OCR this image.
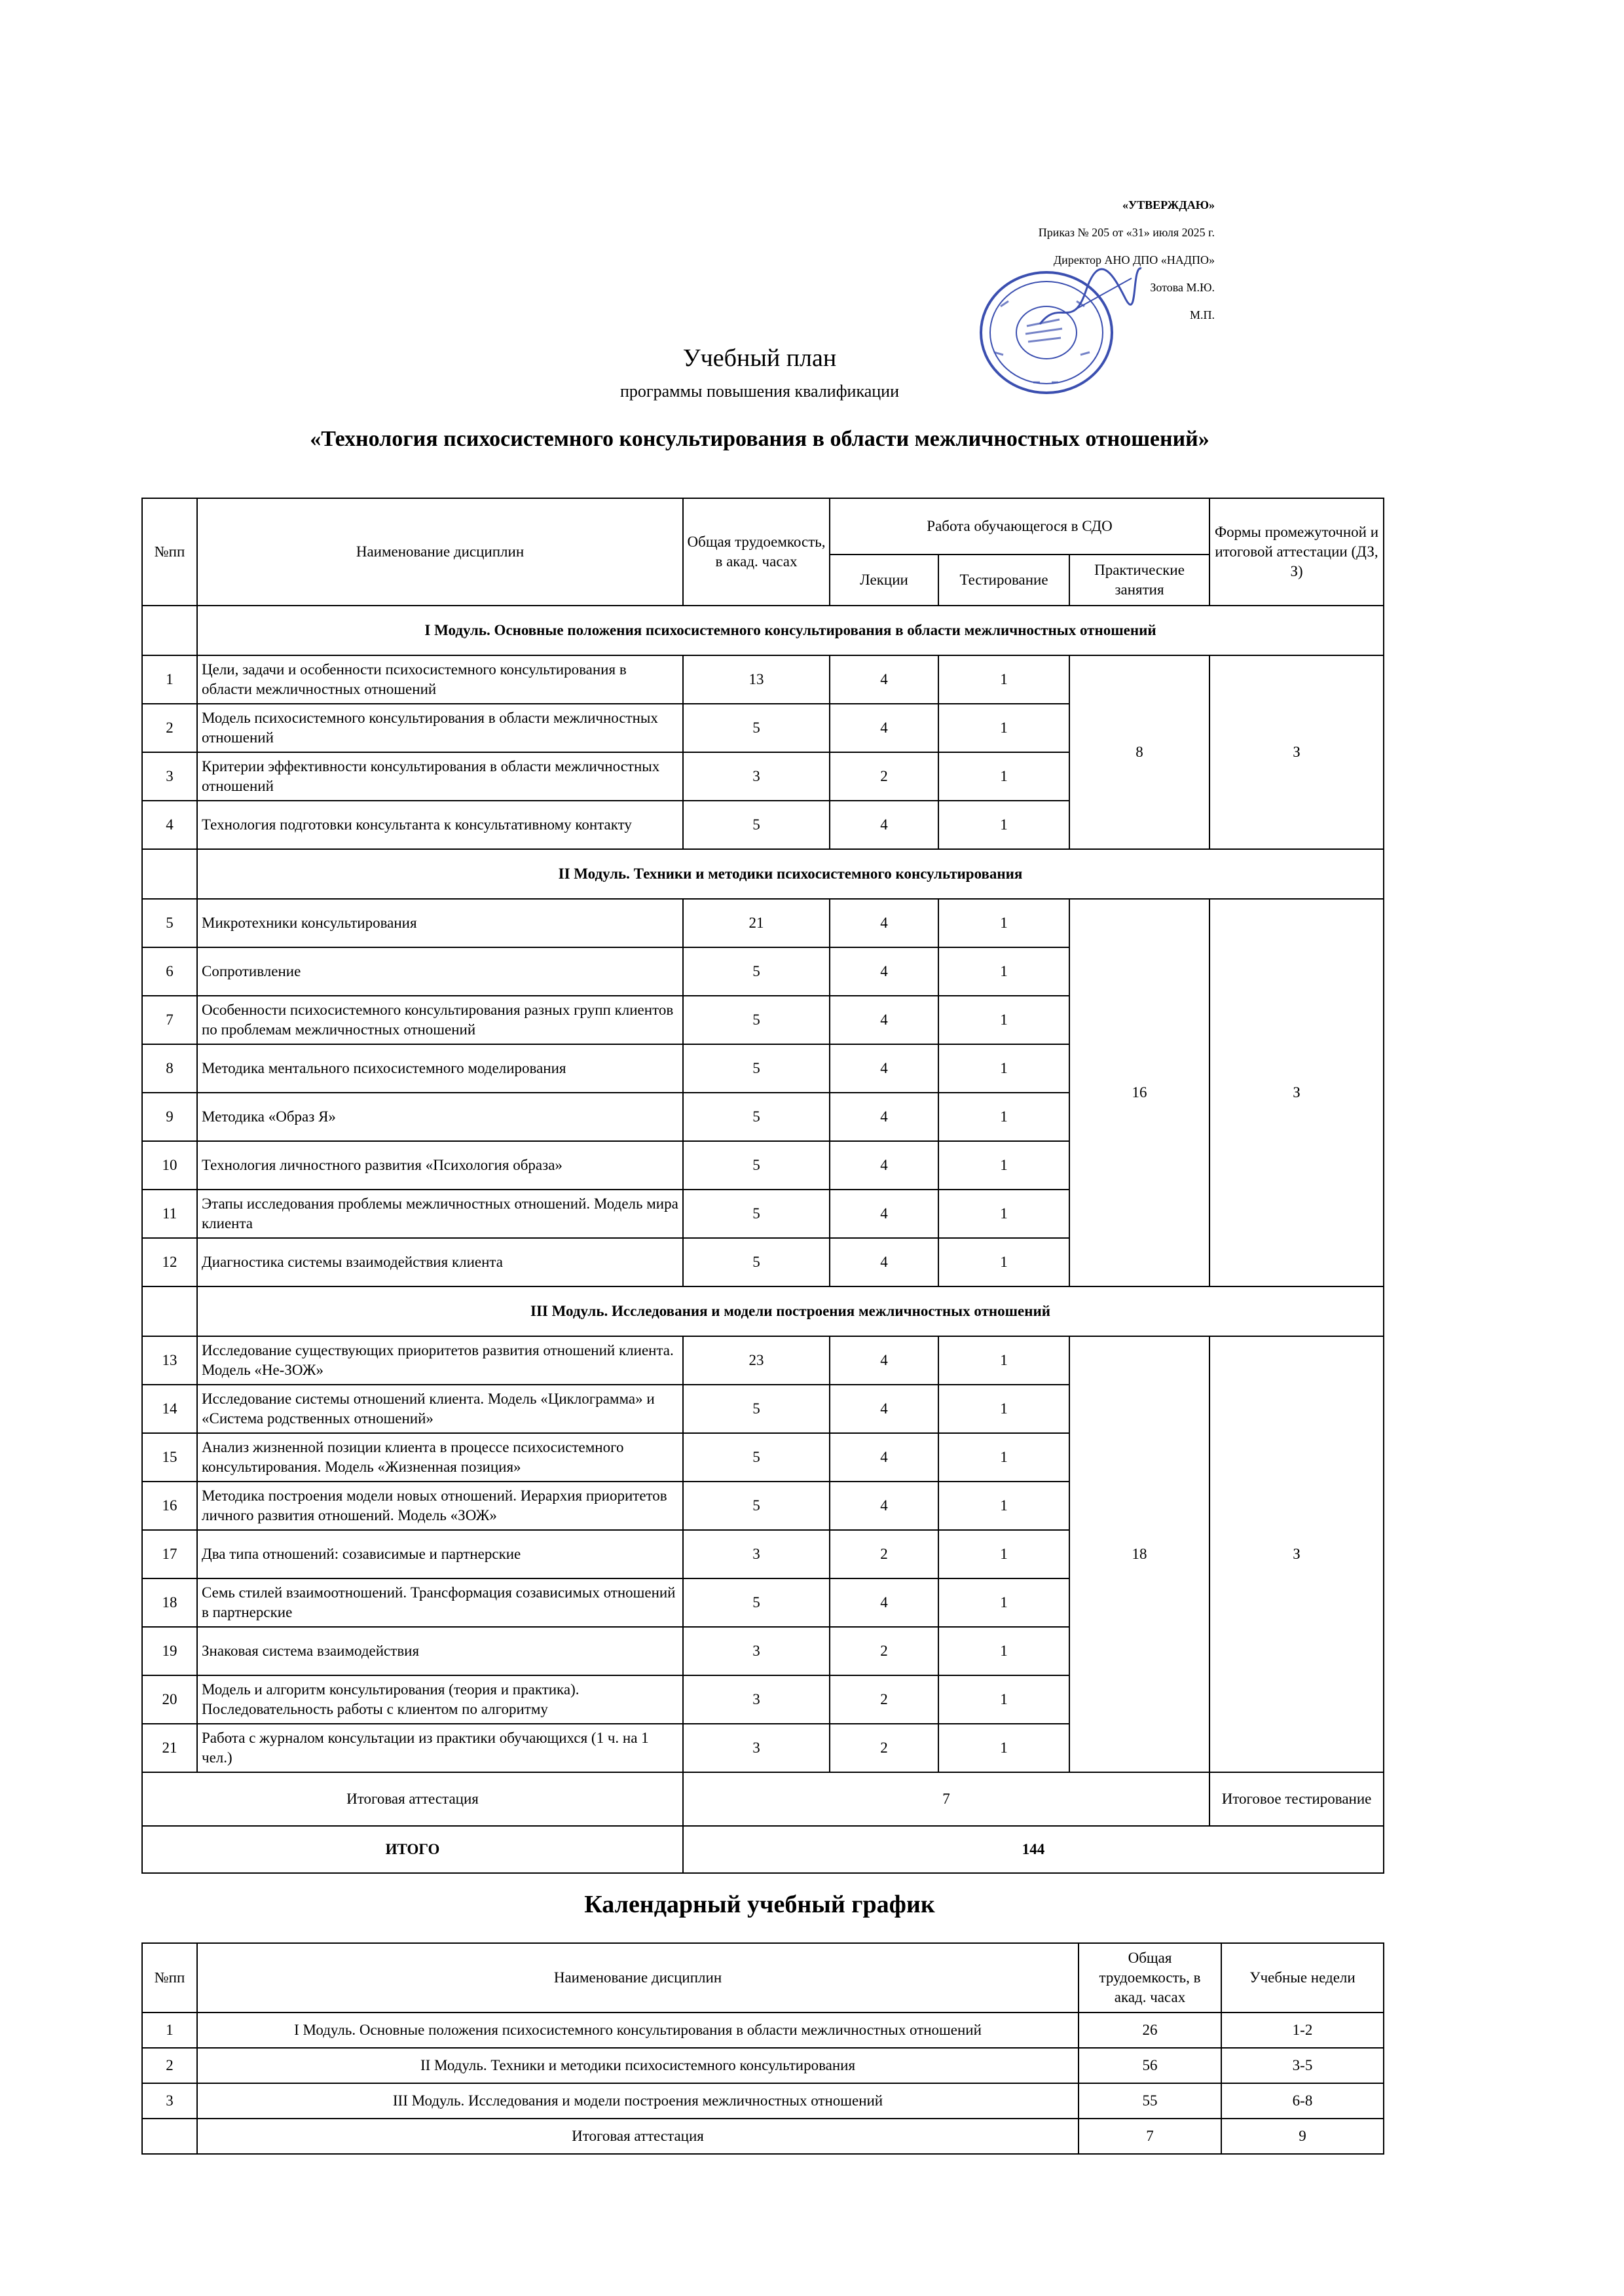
«УТВЕРЖДАЮ»
Приказ № 205 от «31» июля 2025 г.
Директор АНО ДПО «НАДПО»
Зотова М.Ю.
М.П.
Учебный план
программы повышения квалификации
«Технология психосистемного консультирования в области межличностных отношений»
№пп	Наименование дисциплин	Общая трудоемкость, в акад. часах	Работа обучающегося в СДО			Формы промежуточной и итоговой аттестации (ДЗ, З)
			Лекции	Тестирование	Практические занятия	
	I Модуль. Основные положения психосистемного консультирования в области межличностных отношений					
1	Цели, задачи и особенности психосистемного консультирования в области межличностных отношений	13	4	1	8	З
2	Модель психосистемного консультирования в области межличностных отношений	5	4	1		
3	Критерии эффективности консультирования в области межличностных отношений	3	2	1		
4	Технология подготовки консультанта к консультативному контакту	5	4	1		
	II Модуль. Техники и методики психосистемного консультирования					
5	Микротехники консультирования	21	4	1	16	З
6	Сопротивление	5	4	1		
7	Особенности психосистемного консультирования разных групп клиентов по проблемам межличностных отношений	5	4	1		
8	Методика ментального психосистемного моделирования	5	4	1		
9	Методика «Образ Я»	5	4	1		
10	Технология личностного развития «Психология образа»	5	4	1		
11	Этапы исследования проблемы межличностных отношений. Модель мира клиента	5	4	1		
12	Диагностика системы взаимодействия клиента	5	4	1		
	III Модуль. Исследования и модели построения межличностных отношений					
13	Исследование существующих приоритетов развития отношений клиента. Модель «Не-ЗОЖ»	23	4	1	18	З
14	Исследование системы отношений клиента. Модель «Циклограмма» и «Система родственных отношений»	5	4	1		
15	Анализ жизненной позиции клиента в процессе психосистемного консультирования. Модель «Жизненная позиция»	5	4	1		
16	Методика построения модели новых отношений. Иерархия приоритетов личного развития отношений. Модель «ЗОЖ»	5	4	1		
17	Два типа отношений: созависимые и партнерские	3	2	1		
18	Семь стилей взаимоотношений. Трансформация созависимых отношений в партнерские	5	4	1		
19	Знаковая система взаимодействия	3	2	1		
20	Модель и алгоритм консультирования (теория и практика). Последовательность работы с клиентом по алгоритму	3	2	1		
21	Работа с журналом консультации из практики обучающихся (1 ч. на 1 чел.)	3	2	1		
Итоговая аттестация		7				Итоговое тестирование
ИТОГО		144				
Календарный учебный график
№пп	Наименование дисциплин	Общая трудоемкость, в акад. часах	Учебные недели
1	I Модуль. Основные положения психосистемного консультирования в области межличностных отношений	26	1-2
2	II Модуль. Техники и методики психосистемного консультирования	56	3-5
3	III Модуль. Исследования и модели построения межличностных отношений	55	6-8
	Итоговая аттестация	7	9
